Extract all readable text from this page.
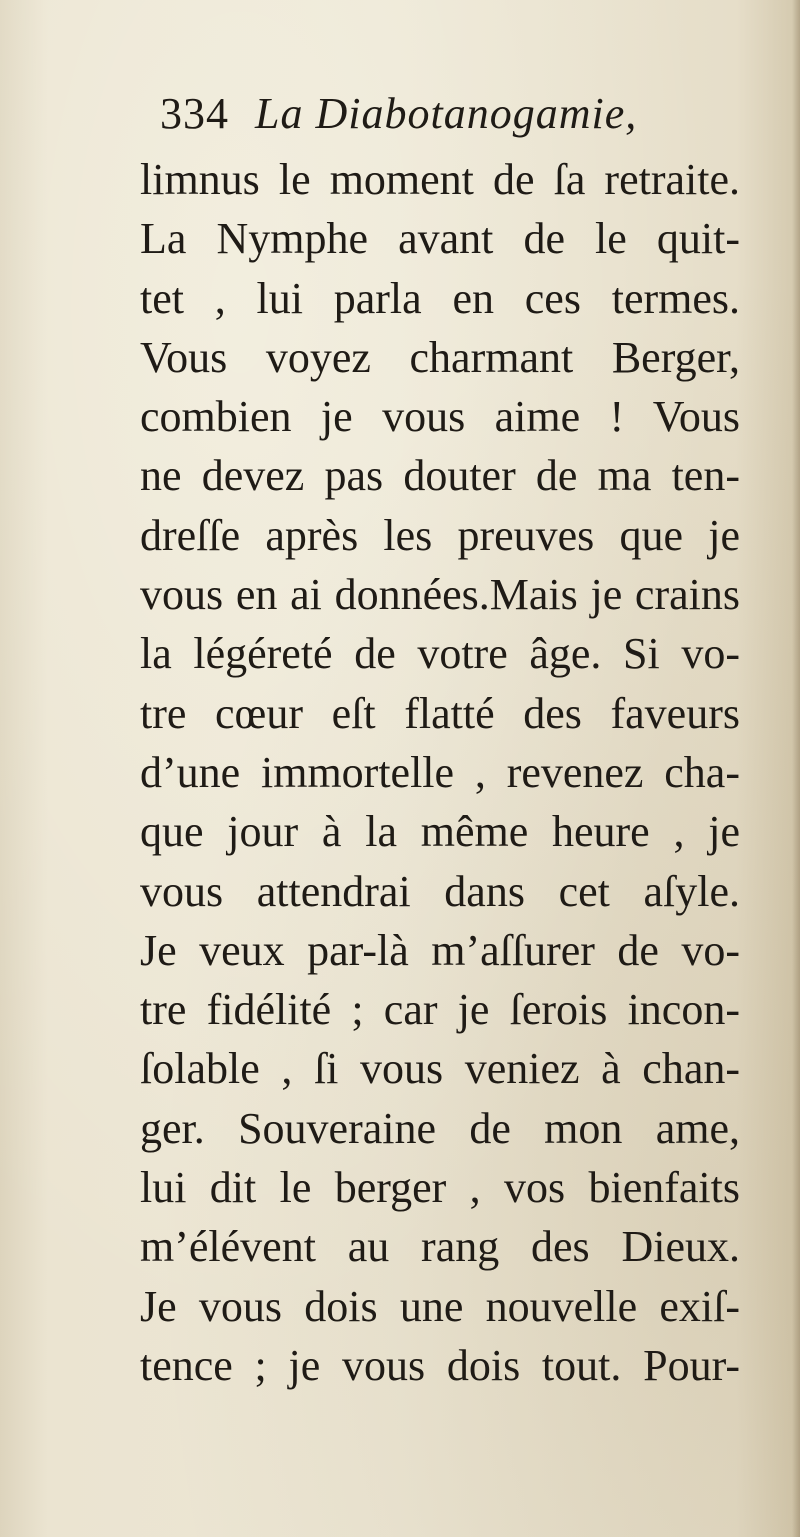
334 La Diabotanogamie,
limnus le moment de ſa retraite.
La Nymphe avant de le quit-
tet , lui parla en ces termes.
Vous voyez charmant Berger,
combien je vous aime ! Vous
ne devez pas douter de ma ten-
dreſſe après les preuves que je
vous en ai données.Mais je crains
la légéreté de votre âge. Si vo-
tre cœur eſt flatté des faveurs
d’une immortelle , revenez cha-
que jour à la même heure , je
vous attendrai dans cet aſyle.
Je veux par-là m’aſſurer de vo-
tre fidélité ; car je ſerois incon-
ſolable , ſi vous veniez à chan-
ger. Souveraine de mon ame,
lui dit le berger , vos bienfaits
m’élévent au rang des Dieux.
Je vous dois une nouvelle exiſ-
tence ; je vous dois tout. Pour-
